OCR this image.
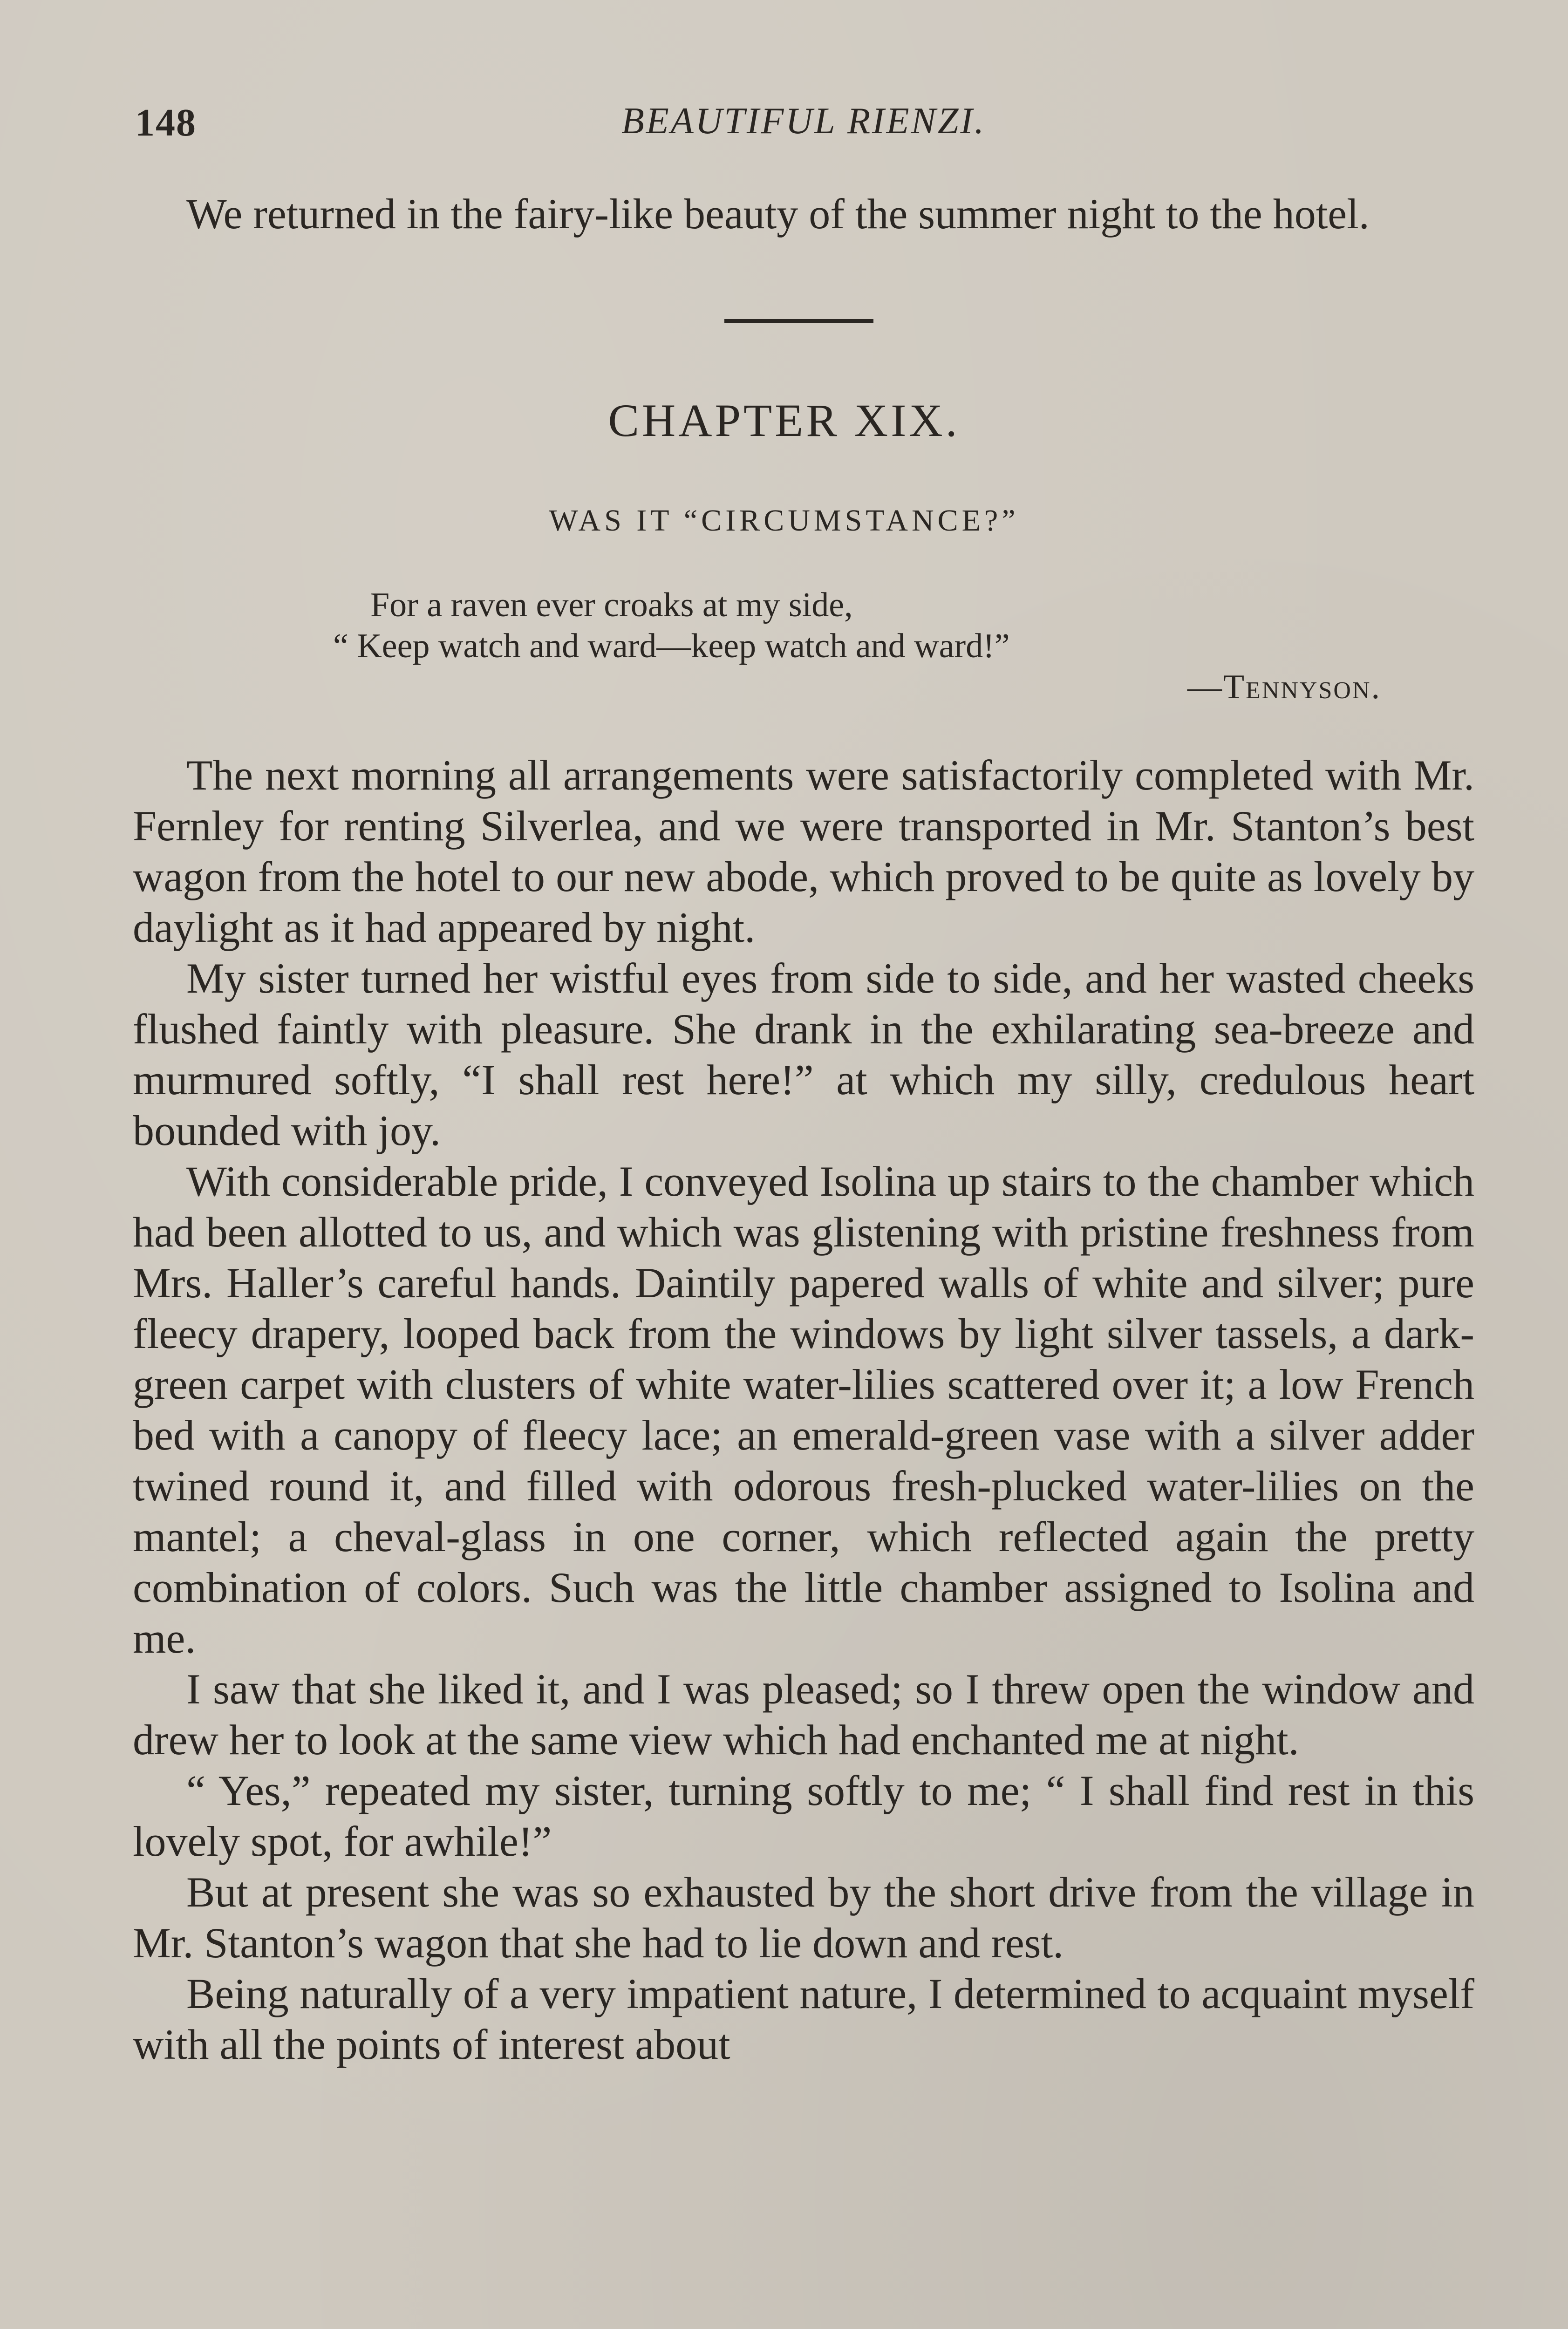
148	BEAUTIFUL RIENZI.

We returned in the fairy-like beauty of the summer night to the hotel.

CHAPTER XIX.
WAS IT “CIRCUMSTANCE?”
For a raven ever croaks at my side,
“ Keep watch and ward—keep watch and ward!”
—Tennyson.

The next morning all arrangements were satisfactorily completed with Mr. Fernley for renting Silverlea, and we were transported in Mr. Stanton’s best wagon from the hotel to our new abode, which proved to be quite as lovely by daylight as it had appeared by night.

My sister turned her wistful eyes from side to side, and her wasted cheeks flushed faintly with pleasure. She drank in the exhilarating sea-breeze and murmured softly, “I shall rest here!” at which my silly, credulous heart bounded with joy.

With considerable pride, I conveyed Isolina up stairs to the chamber which had been allotted to us, and which was glistening with pristine freshness from Mrs. Haller’s careful hands. Daintily papered walls of white and silver; pure fleecy drapery, looped back from the windows by light silver tassels, a dark-green carpet with clusters of white water-lilies scattered over it; a low French bed with a canopy of fleecy lace; an emerald-green vase with a silver adder twined round it, and filled with odorous fresh-plucked water-lilies on the mantel; a cheval-glass in one corner, which reflected again the pretty combination of colors. Such was the little chamber assigned to Isolina and me.

I saw that she liked it, and I was pleased; so I threw open the window and drew her to look at the same view which had enchanted me at night.

“ Yes,” repeated my sister, turning softly to me; “ I shall find rest in this lovely spot, for awhile!”

But at present she was so exhausted by the short drive from the village in Mr. Stanton’s wagon that she had to lie down and rest.

Being naturally of a very impatient nature, I determined to acquaint myself with all the points of interest about
